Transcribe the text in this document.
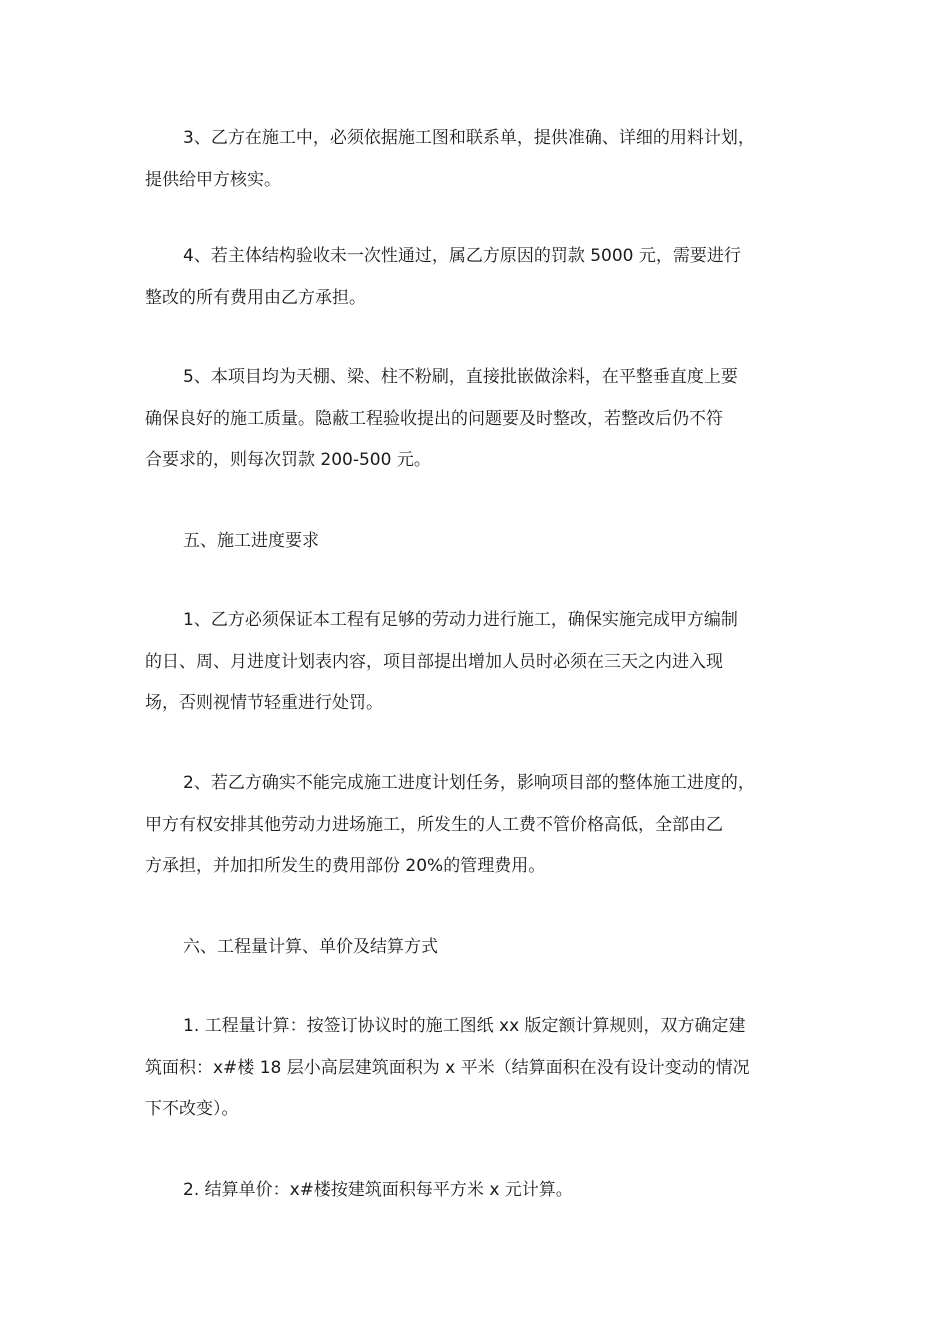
3、乙方在施工中，必须依据施工图和联系单，提供准确、详细的用料计划，
提供给甲方核实。

4、若主体结构验收未一次性通过，属乙方原因的罚款 5000 元，需要进行
整改的所有费用由乙方承担。

5、本项目均为天棚、梁、柱不粉刷，直接批嵌做涂料，在平整垂直度上要
确保良好的施工质量。隐蔽工程验收提出的问题要及时整改，若整改后仍不符
合要求的，则每次罚款 200-500 元。

五、施工进度要求

1、乙方必须保证本工程有足够的劳动力进行施工，确保实施完成甲方编制
的日、周、月进度计划表内容，项目部提出增加人员时必须在三天之内进入现
场，否则视情节轻重进行处罚。

2、若乙方确实不能完成施工进度计划任务，影响项目部的整体施工进度的，
甲方有权安排其他劳动力进场施工，所发生的人工费不管价格高低，全部由乙
方承担，并加扣所发生的费用部份 20%的管理费用。

六、工程量计算、单价及结算方式

1. 工程量计算：按签订协议时的施工图纸 xx 版定额计算规则，双方确定建
筑面积：x#楼 18 层小高层建筑面积为 x 平米（结算面积在没有设计变动的情况
下不改变）。

2. 结算单价：x#楼按建筑面积每平方米 x 元计算。
